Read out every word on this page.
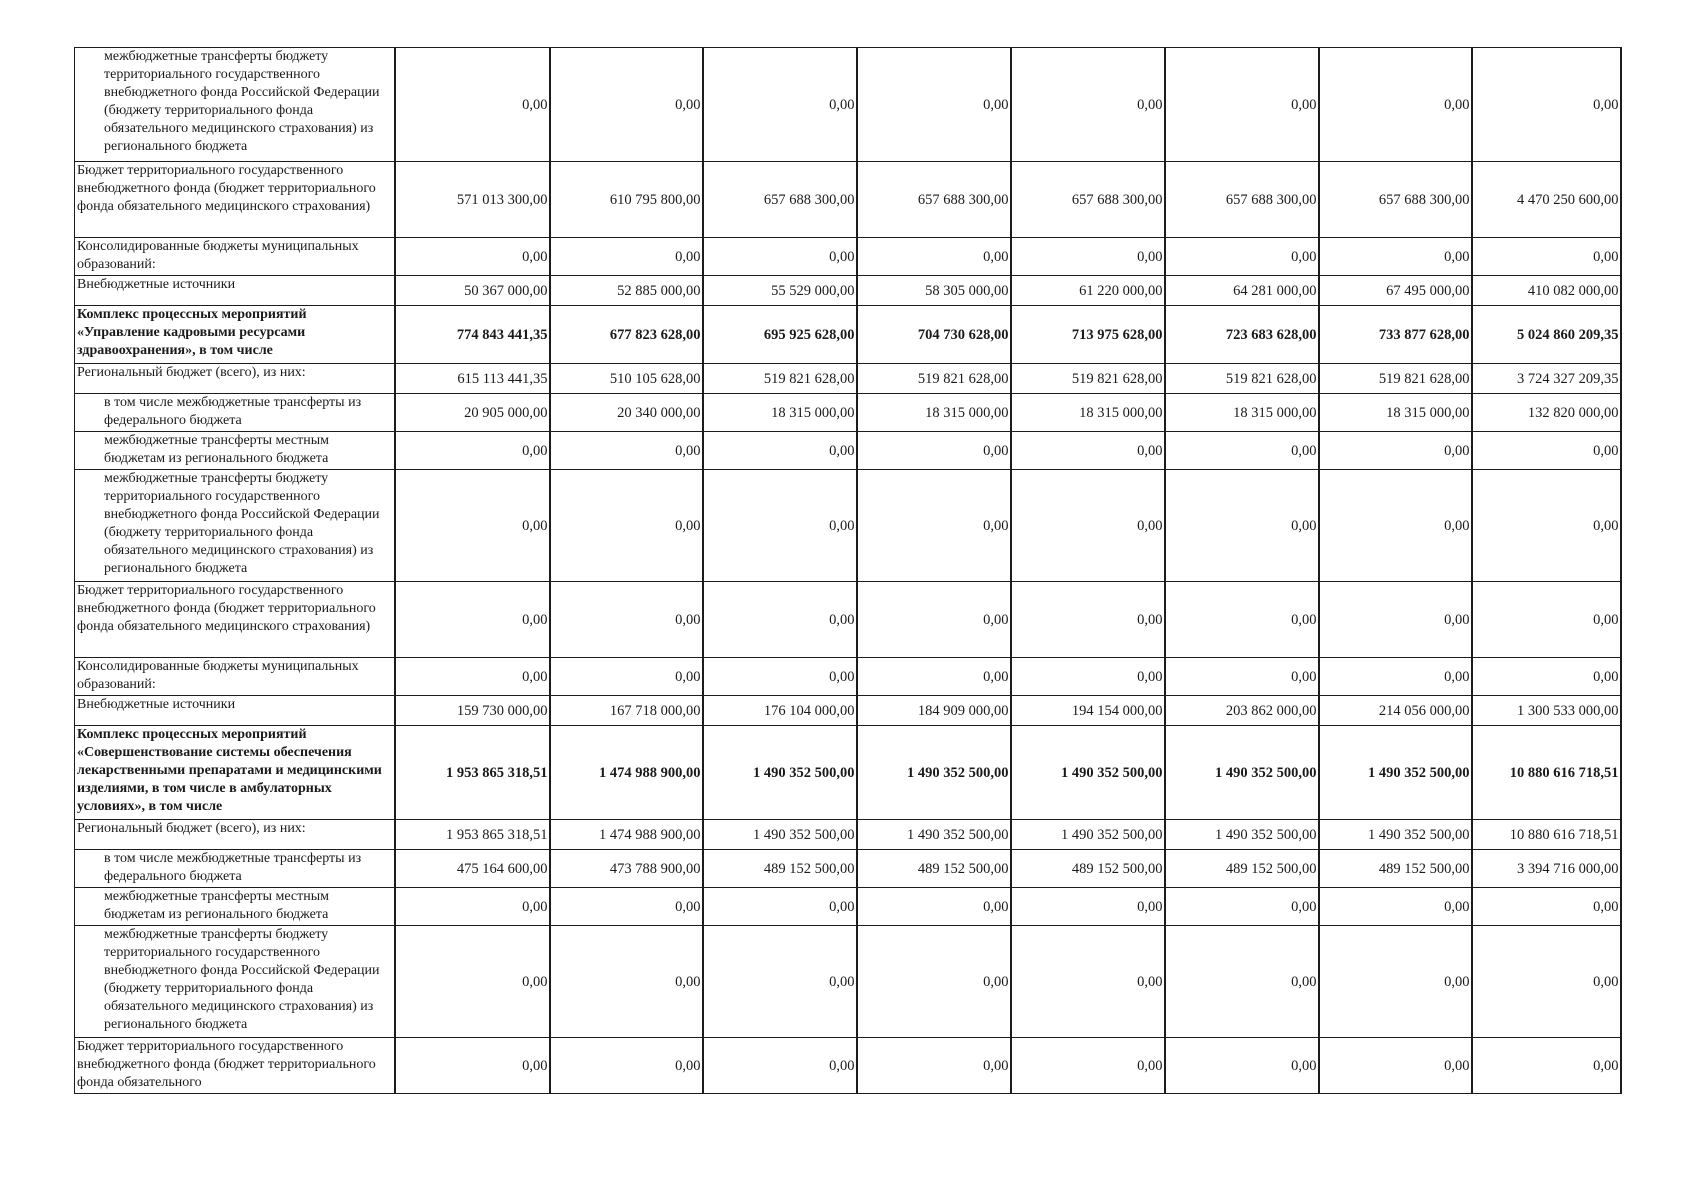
межбюджетные трансферты бюджету территориального государственного внебюджетного фонда Российской Федерации (бюджету территориального фонда обязательного медицинского страхования) из регионального бюджета	0,00	0,00	0,00	0,00	0,00	0,00	0,00	0,00
Бюджет территориального государственного внебюджетного фонда (бюджет территориального фонда обязательного медицинского страхования)	571 013 300,00	610 795 800,00	657 688 300,00	657 688 300,00	657 688 300,00	657 688 300,00	657 688 300,00	4 470 250 600,00
Консолидированные бюджеты муниципальных образований:	0,00	0,00	0,00	0,00	0,00	0,00	0,00	0,00
Внебюджетные источники	50 367 000,00	52 885 000,00	55 529 000,00	58 305 000,00	61 220 000,00	64 281 000,00	67 495 000,00	410 082 000,00
Комплекс процессных мероприятий «Управление кадровыми ресурсами здравоохранения», в том числе	774 843 441,35	677 823 628,00	695 925 628,00	704 730 628,00	713 975 628,00	723 683 628,00	733 877 628,00	5 024 860 209,35
Региональный бюджет (всего), из них:	615 113 441,35	510 105 628,00	519 821 628,00	519 821 628,00	519 821 628,00	519 821 628,00	519 821 628,00	3 724 327 209,35
в том числе межбюджетные трансферты из федерального бюджета	20 905 000,00	20 340 000,00	18 315 000,00	18 315 000,00	18 315 000,00	18 315 000,00	18 315 000,00	132 820 000,00
межбюджетные трансферты местным бюджетам из регионального бюджета	0,00	0,00	0,00	0,00	0,00	0,00	0,00	0,00
межбюджетные трансферты бюджету территориального государственного внебюджетного фонда Российской Федерации (бюджету территориального фонда обязательного медицинского страхования) из регионального бюджета	0,00	0,00	0,00	0,00	0,00	0,00	0,00	0,00
Бюджет территориального государственного внебюджетного фонда (бюджет территориального фонда обязательного медицинского страхования)	0,00	0,00	0,00	0,00	0,00	0,00	0,00	0,00
Консолидированные бюджеты муниципальных образований:	0,00	0,00	0,00	0,00	0,00	0,00	0,00	0,00
Внебюджетные источники	159 730 000,00	167 718 000,00	176 104 000,00	184 909 000,00	194 154 000,00	203 862 000,00	214 056 000,00	1 300 533 000,00
Комплекс процессных мероприятий «Совершенствование системы обеспечения лекарственными препаратами и медицинскими изделиями, в том числе в амбулаторных условиях», в том числе	1 953 865 318,51	1 474 988 900,00	1 490 352 500,00	1 490 352 500,00	1 490 352 500,00	1 490 352 500,00	1 490 352 500,00	10 880 616 718,51
Региональный бюджет (всего), из них:	1 953 865 318,51	1 474 988 900,00	1 490 352 500,00	1 490 352 500,00	1 490 352 500,00	1 490 352 500,00	1 490 352 500,00	10 880 616 718,51
в том числе межбюджетные трансферты из федерального бюджета	475 164 600,00	473 788 900,00	489 152 500,00	489 152 500,00	489 152 500,00	489 152 500,00	489 152 500,00	3 394 716 000,00
межбюджетные трансферты местным бюджетам из регионального бюджета	0,00	0,00	0,00	0,00	0,00	0,00	0,00	0,00
межбюджетные трансферты бюджету территориального государственного внебюджетного фонда Российской Федерации (бюджету территориального фонда обязательного медицинского страхования) из регионального бюджета	0,00	0,00	0,00	0,00	0,00	0,00	0,00	0,00
Бюджет территориального государственного внебюджетного фонда (бюджет территориального фонда обязательного	0,00	0,00	0,00	0,00	0,00	0,00	0,00	0,00
